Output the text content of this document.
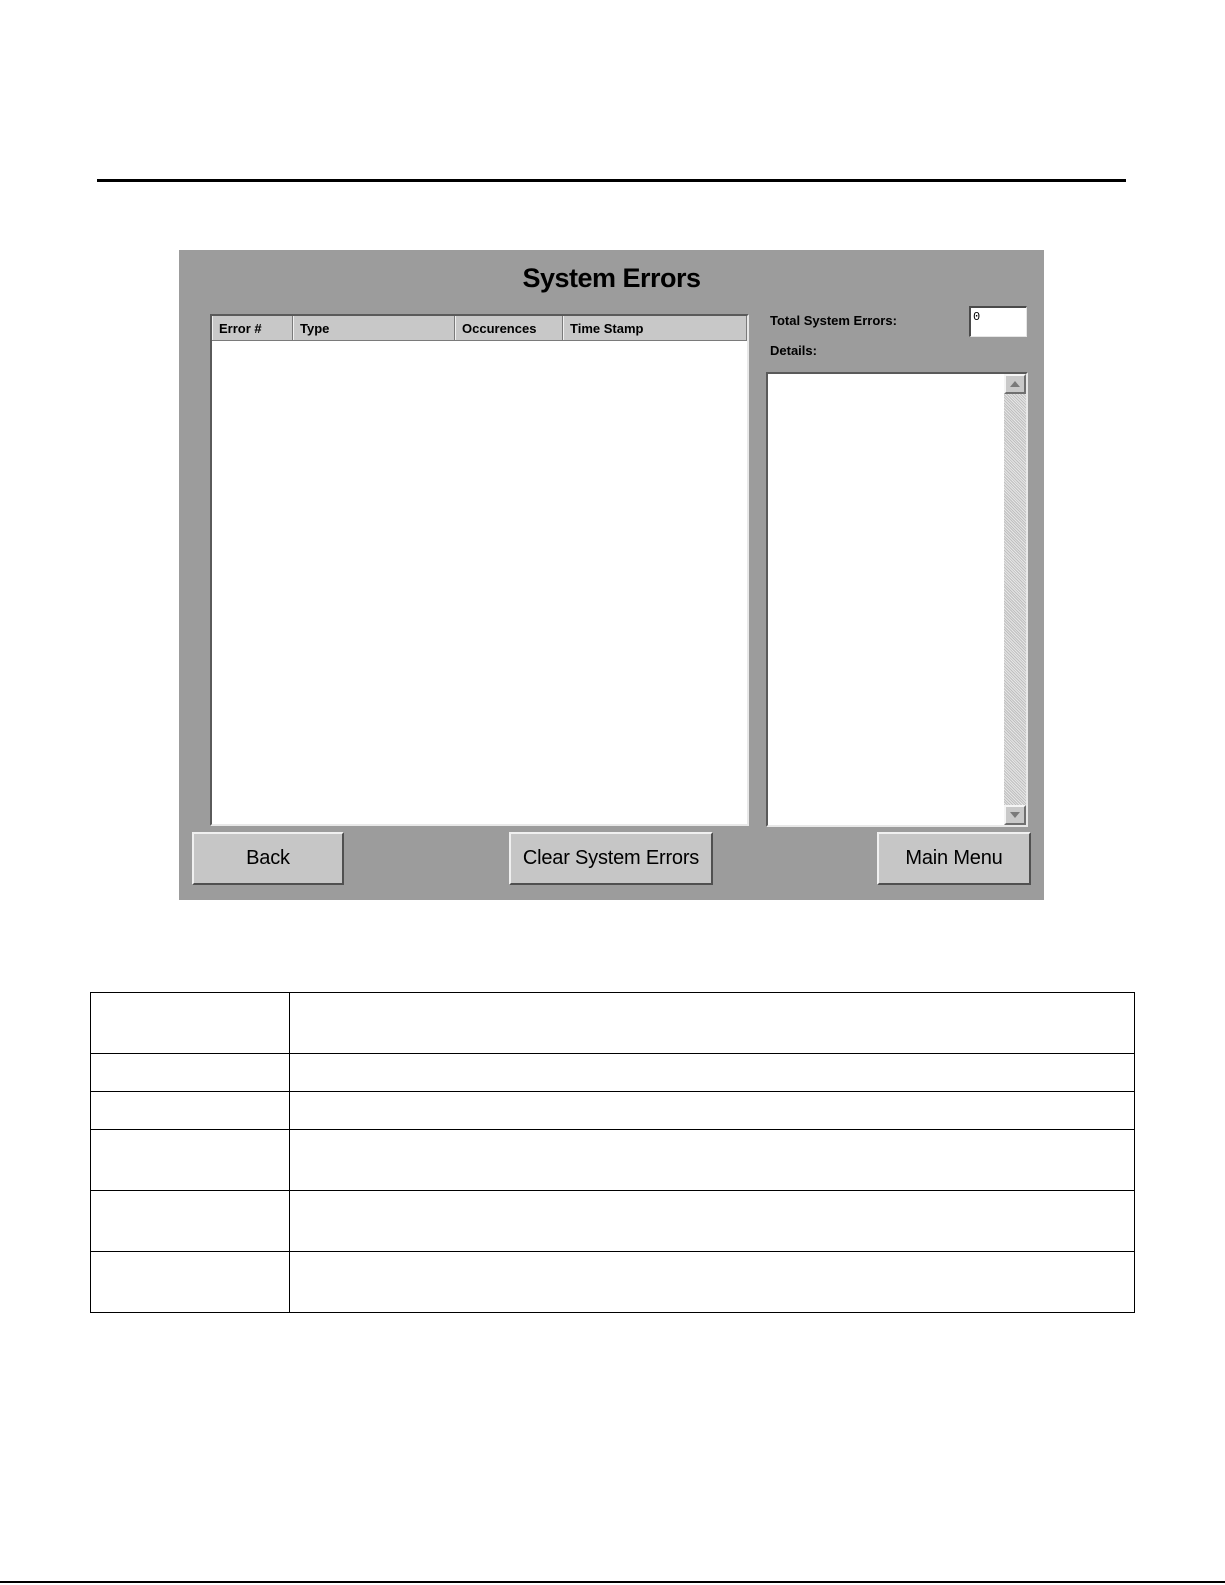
System Errors
Error #	Type	Occurences	Time Stamp
Total System Errors:	0
Details:
Back	Clear System Errors	Main Menu
